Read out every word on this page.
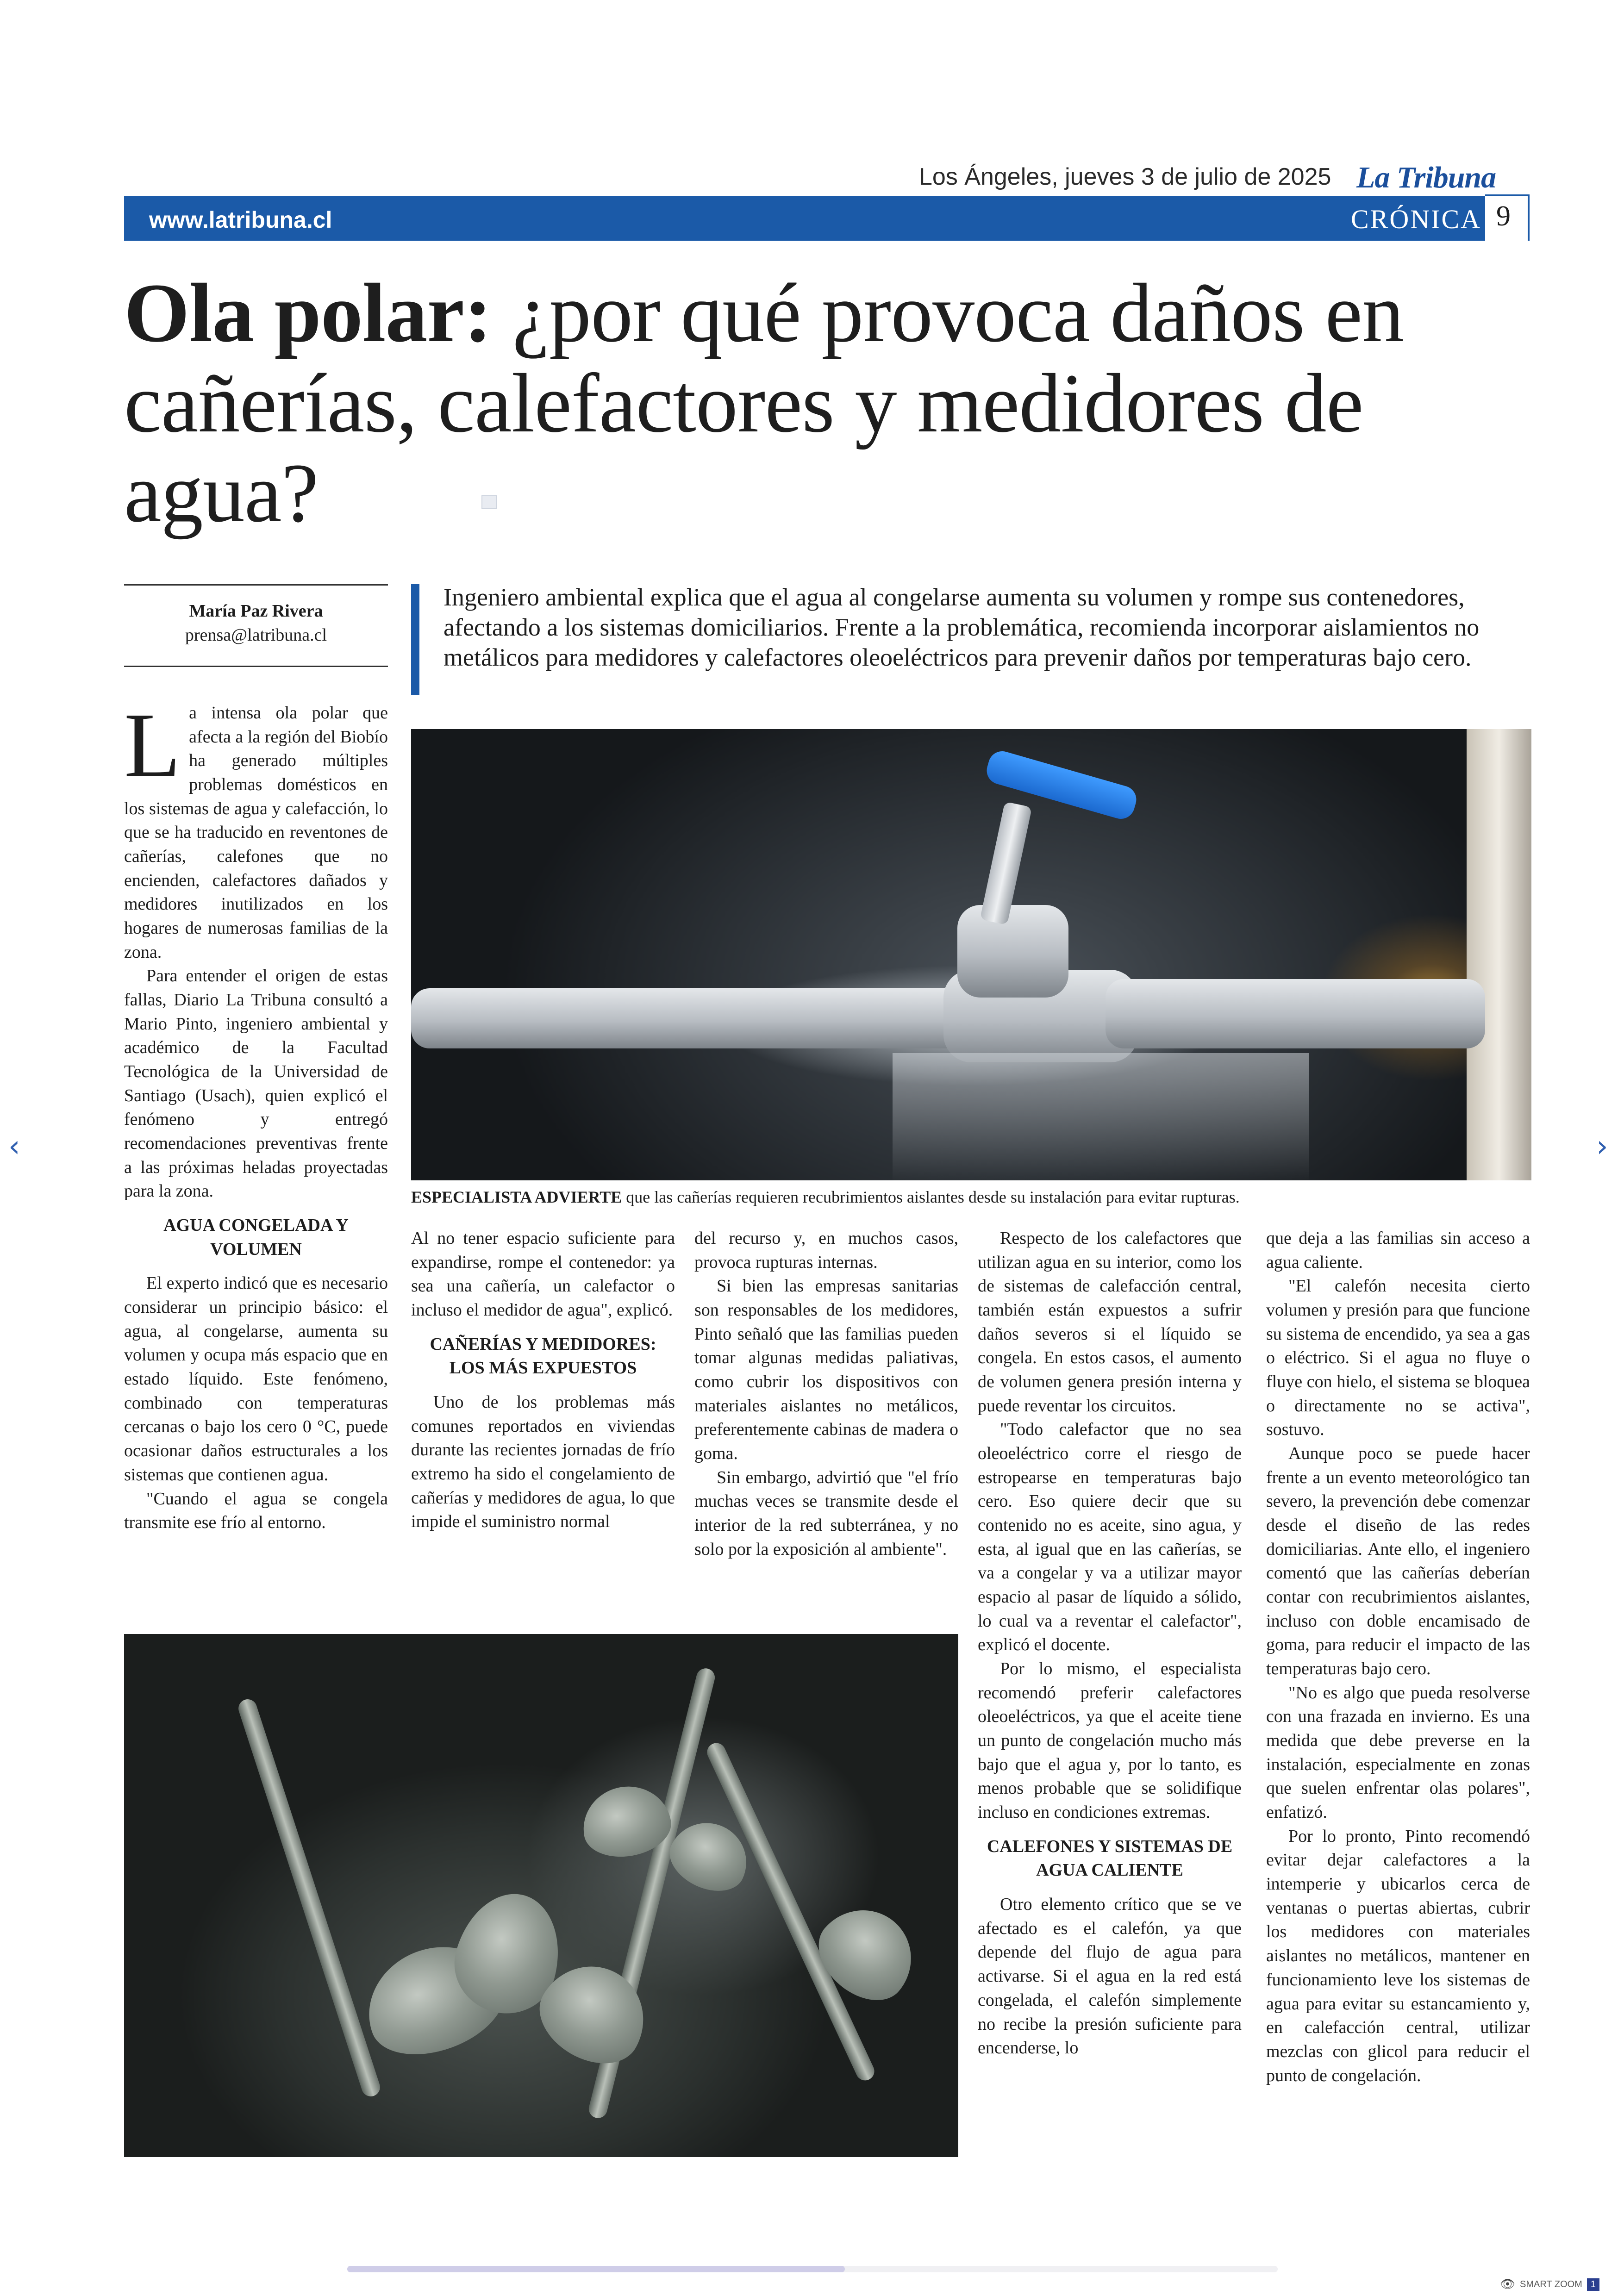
Los Ángeles, jueves 3 de julio de 2025 La Tribuna
www.latribuna.cl	CRÓNICA 9
Ola polar: ¿por qué provoca daños en cañerías, calefactores y medidores de agua?
María Paz Rivera
prensa@latribuna.cl
Ingeniero ambiental explica que el agua al congelarse aumenta su volumen y rompe sus contenedores, afectando a los sistemas domiciliarios. Frente a la problemática, recomienda incorporar aislamientos no metálicos para medidores y calefactores oleoeléctricos para prevenir daños por temperaturas bajo cero.
ESPECIALISTA ADVIERTE que las cañerías requieren recubrimientos aislantes desde su instalación para evitar rupturas.

La intensa ola polar que afecta a la región del Biobío ha generado múltiples problemas domésticos en los sistemas de agua y calefacción, lo que se ha traducido en reventones de cañerías, calefones que no encienden, calefactores dañados y medidores inutilizados en los hogares de numerosas familias de la zona.

Para entender el origen de estas fallas, Diario La Tribuna consultó a Mario Pinto, ingeniero ambiental y académico de la Facultad Tecnológica de la Universidad de Santiago (Usach), quien explicó el fenómeno y entregó recomendaciones preventivas frente a las próximas heladas proyectadas para la zona.

AGUA CONGELADA Y VOLUMEN

El experto indicó que es necesario considerar un principio básico: el agua, al congelarse, aumenta su volumen y ocupa más espacio que en estado líquido. Este fenómeno, combinado con temperaturas cercanas o bajo los cero 0 °C, puede ocasionar daños estructurales a los sistemas que contienen agua.

"Cuando el agua se congela transmite ese frío al entorno.

Al no tener espacio suficiente para expandirse, rompe el contenedor: ya sea una cañería, un calefactor o incluso el medidor de agua", explicó.

CAÑERÍAS Y MEDIDORES: LOS MÁS EXPUESTOS

Uno de los problemas más comunes reportados en viviendas durante las recientes jornadas de frío extremo ha sido el congelamiento de cañerías y medidores de agua, lo que impide el suministro normal

del recurso y, en muchos casos, provoca rupturas internas.

Si bien las empresas sanitarias son responsables de los medidores, Pinto señaló que las familias pueden tomar algunas medidas paliativas, como cubrir los dispositivos con materiales aislantes no metálicos, preferentemente cabinas de madera o goma.

Sin embargo, advirtió que "el frío muchas veces se transmite desde el interior de la red subterránea, y no solo por la exposición al ambiente".

Respecto de los calefactores que utilizan agua en su interior, como los de sistemas de calefacción central, también están expuestos a sufrir daños severos si el líquido se congela. En estos casos, el aumento de volumen genera presión interna y puede reventar los circuitos.

"Todo calefactor que no sea oleoeléctrico corre el riesgo de estropearse en temperaturas bajo cero. Eso quiere decir que su contenido no es aceite, sino agua, y esta, al igual que en las cañerías, se va a congelar y va a utilizar mayor espacio al pasar de líquido a sólido, lo cual va a reventar el calefactor", explicó el docente.

Por lo mismo, el especialista recomendó preferir calefactores oleoeléctricos, ya que el aceite tiene un punto de congelación mucho más bajo que el agua y, por lo tanto, es menos probable que se solidifique incluso en condiciones extremas.

CALEFONES Y SISTEMAS DE AGUA CALIENTE

Otro elemento crítico que se ve afectado es el calefón, ya que depende del flujo de agua para activarse. Si el agua en la red está congelada, el calefón simplemente no recibe la presión suficiente para encenderse, lo

que deja a las familias sin acceso a agua caliente.

"El calefón necesita cierto volumen y presión para que funcione su sistema de encendido, ya sea a gas o eléctrico. Si el agua no fluye o fluye con hielo, el sistema se bloquea o directamente no se activa", sostuvo.

Aunque poco se puede hacer frente a un evento meteorológico tan severo, la prevención debe comenzar desde el diseño de las redes domiciliarias. Ante ello, el ingeniero comentó que las cañerías deberían contar con recubrimientos aislantes, incluso con doble encamisado de goma, para reducir el impacto de las temperaturas bajo cero.

"No es algo que pueda resolverse con una frazada en invierno. Es una medida que debe preverse en la instalación, especialmente en zonas que suelen enfrentar olas polares", enfatizó.

Por lo pronto, Pinto recomendó evitar dejar calefactores a la intemperie y ubicarlos cerca de ventanas o puertas abiertas, cubrir los medidores con materiales aislantes no metálicos, mantener en funcionamiento leve los sistemas de agua para evitar su estancamiento y, en calefacción central, utilizar mezclas con glicol para reducir el punto de congelación.

‹	›
👁 SMART ZOOM 1
